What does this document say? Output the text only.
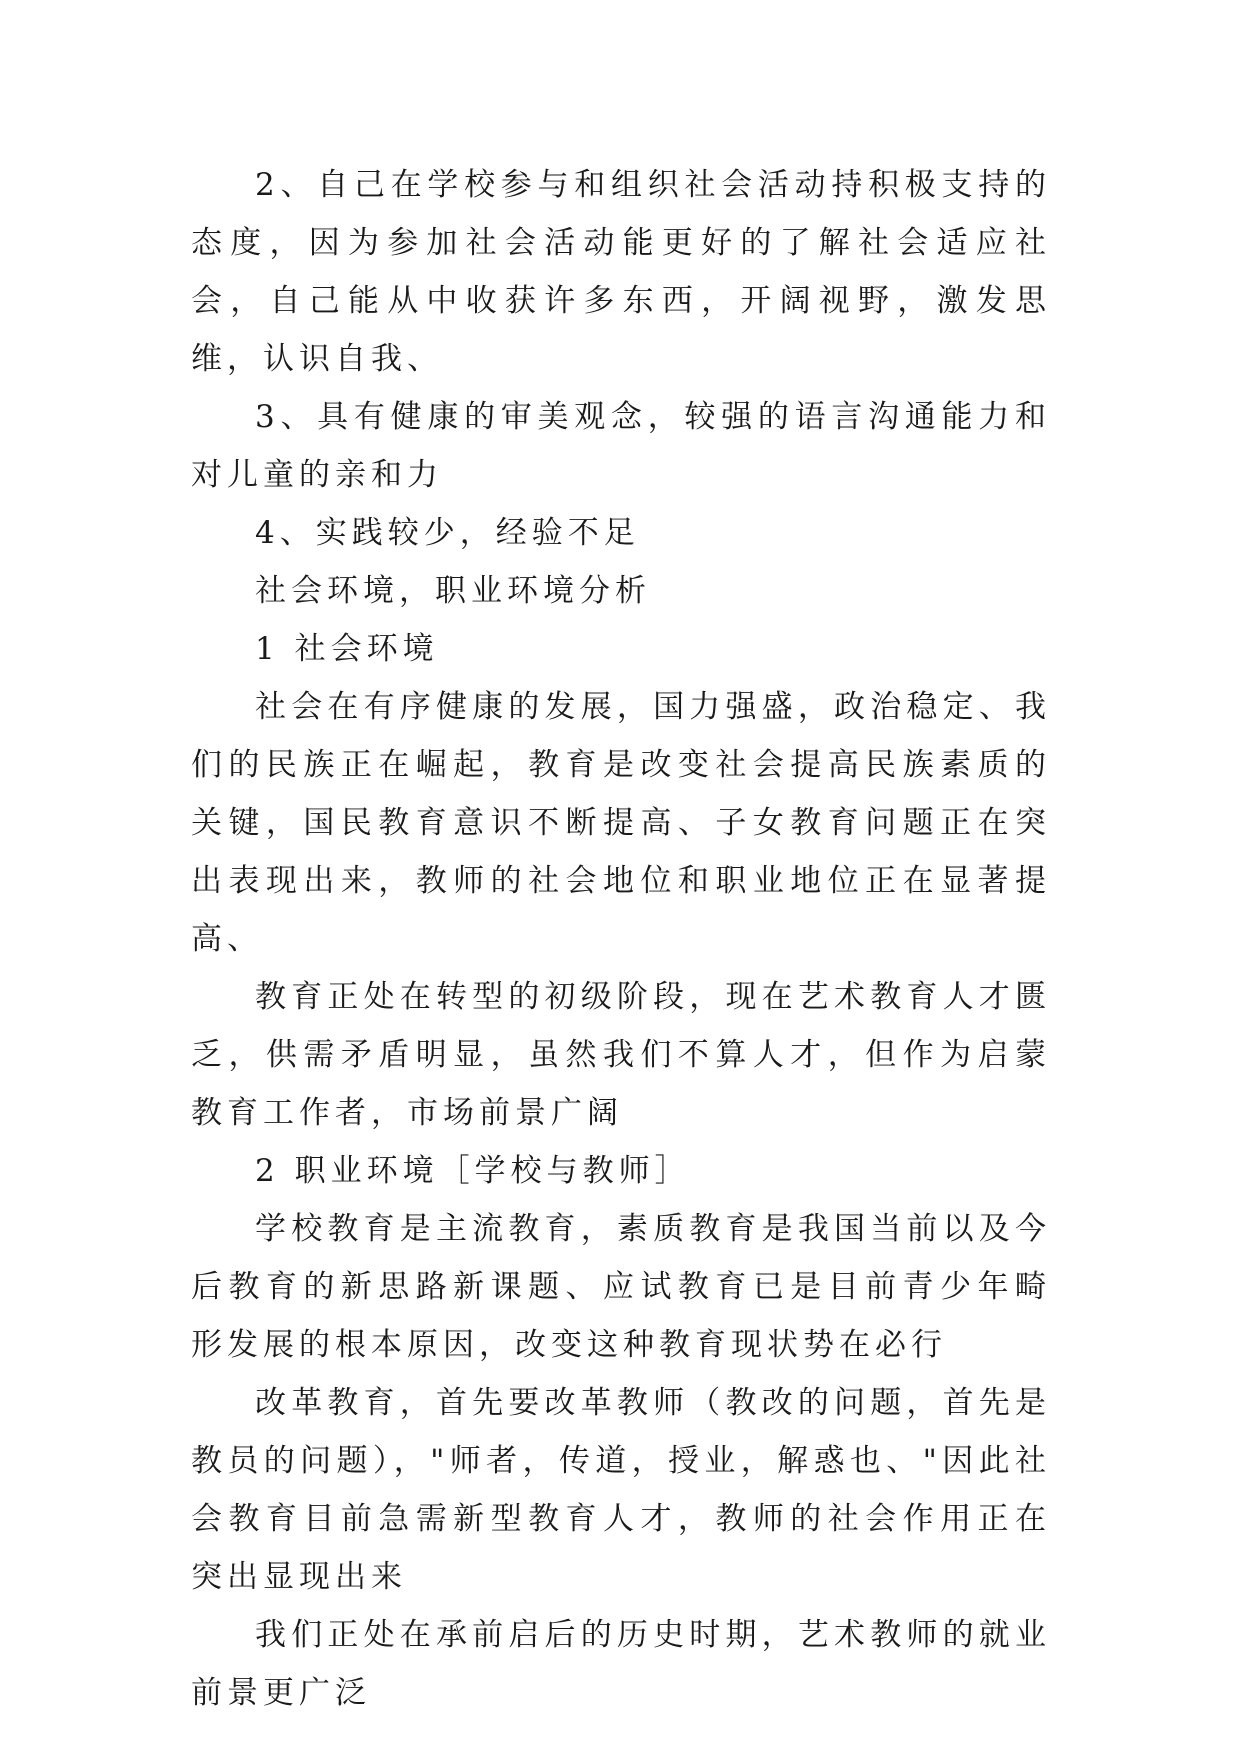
2、自己在学校参与和组织社会活动持积极支持的态度，因为参加社会活动能更好的了解社会适应社会，自己能从中收获许多东西，开阔视野，激发思维，认识自我、

3、具有健康的审美观念，较强的语言沟通能力和对儿童的亲和力

4、实践较少，经验不足

社会环境，职业环境分析

1 社会环境

社会在有序健康的发展，国力强盛，政治稳定、我们的民族正在崛起，教育是改变社会提高民族素质的关键，国民教育意识不断提高、子女教育问题正在突出表现出来，教师的社会地位和职业地位正在显著提高、

教育正处在转型的初级阶段，现在艺术教育人才匮乏，供需矛盾明显，虽然我们不算人才，但作为启蒙教育工作者，市场前景广阔

2 职业环境［学校与教师］

学校教育是主流教育，素质教育是我国当前以及今后教育的新思路新课题、应试教育已是目前青少年畸形发展的根本原因，改变这种教育现状势在必行

改革教育，首先要改革教师（教改的问题，首先是教员的问题），"师者，传道，授业，解惑也、"因此社会教育目前急需新型教育人才，教师的社会作用正在突出显现出来

我们正处在承前启后的历史时期，艺术教师的就业前景更广泛
